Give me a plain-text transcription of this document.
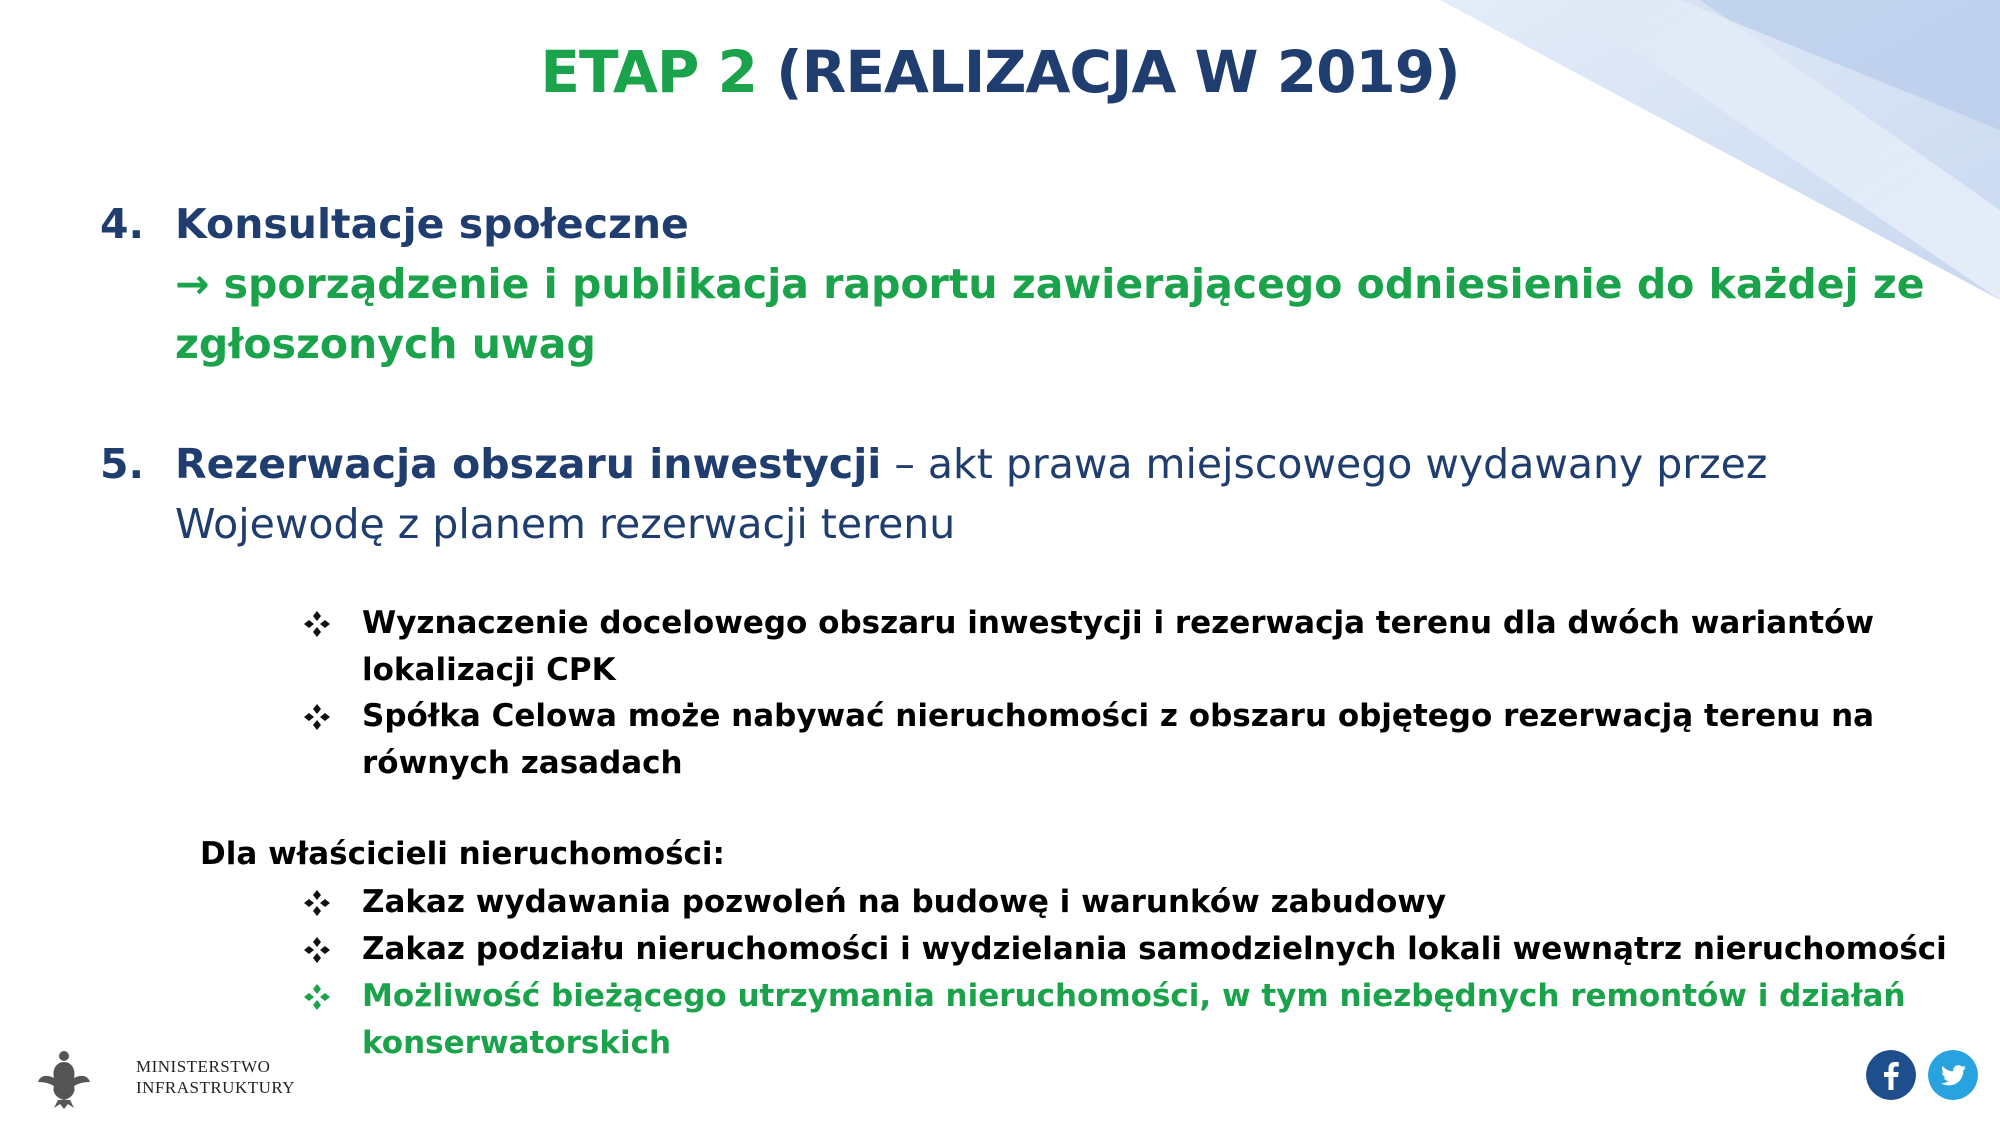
ETAP 2 (REALIZACJA W 2019)
4. Konsultacje społeczne
→ sporządzenie i publikacja raportu zawierającego odniesienie do każdej ze
zgłoszonych uwag
5. Rezerwacja obszaru inwestycji – akt prawa miejscowego wydawany przez
Wojewodę z planem rezerwacji terenu
Wyznaczenie docelowego obszaru inwestycji i rezerwacja terenu dla dwóch wariantów
lokalizacji CPK
Spółka Celowa może nabywać nieruchomości z obszaru objętego rezerwacją terenu na
równych zasadach
Dla właścicieli nieruchomości:
Zakaz wydawania pozwoleń na budowę i warunków zabudowy
Zakaz podziału nieruchomości i wydzielania samodzielnych lokali wewnątrz nieruchomości
Możliwość bieżącego utrzymania nieruchomości, w tym niezbędnych remontów i działań
konserwatorskich
MINISTERSTWO
INFRASTRUKTURY
